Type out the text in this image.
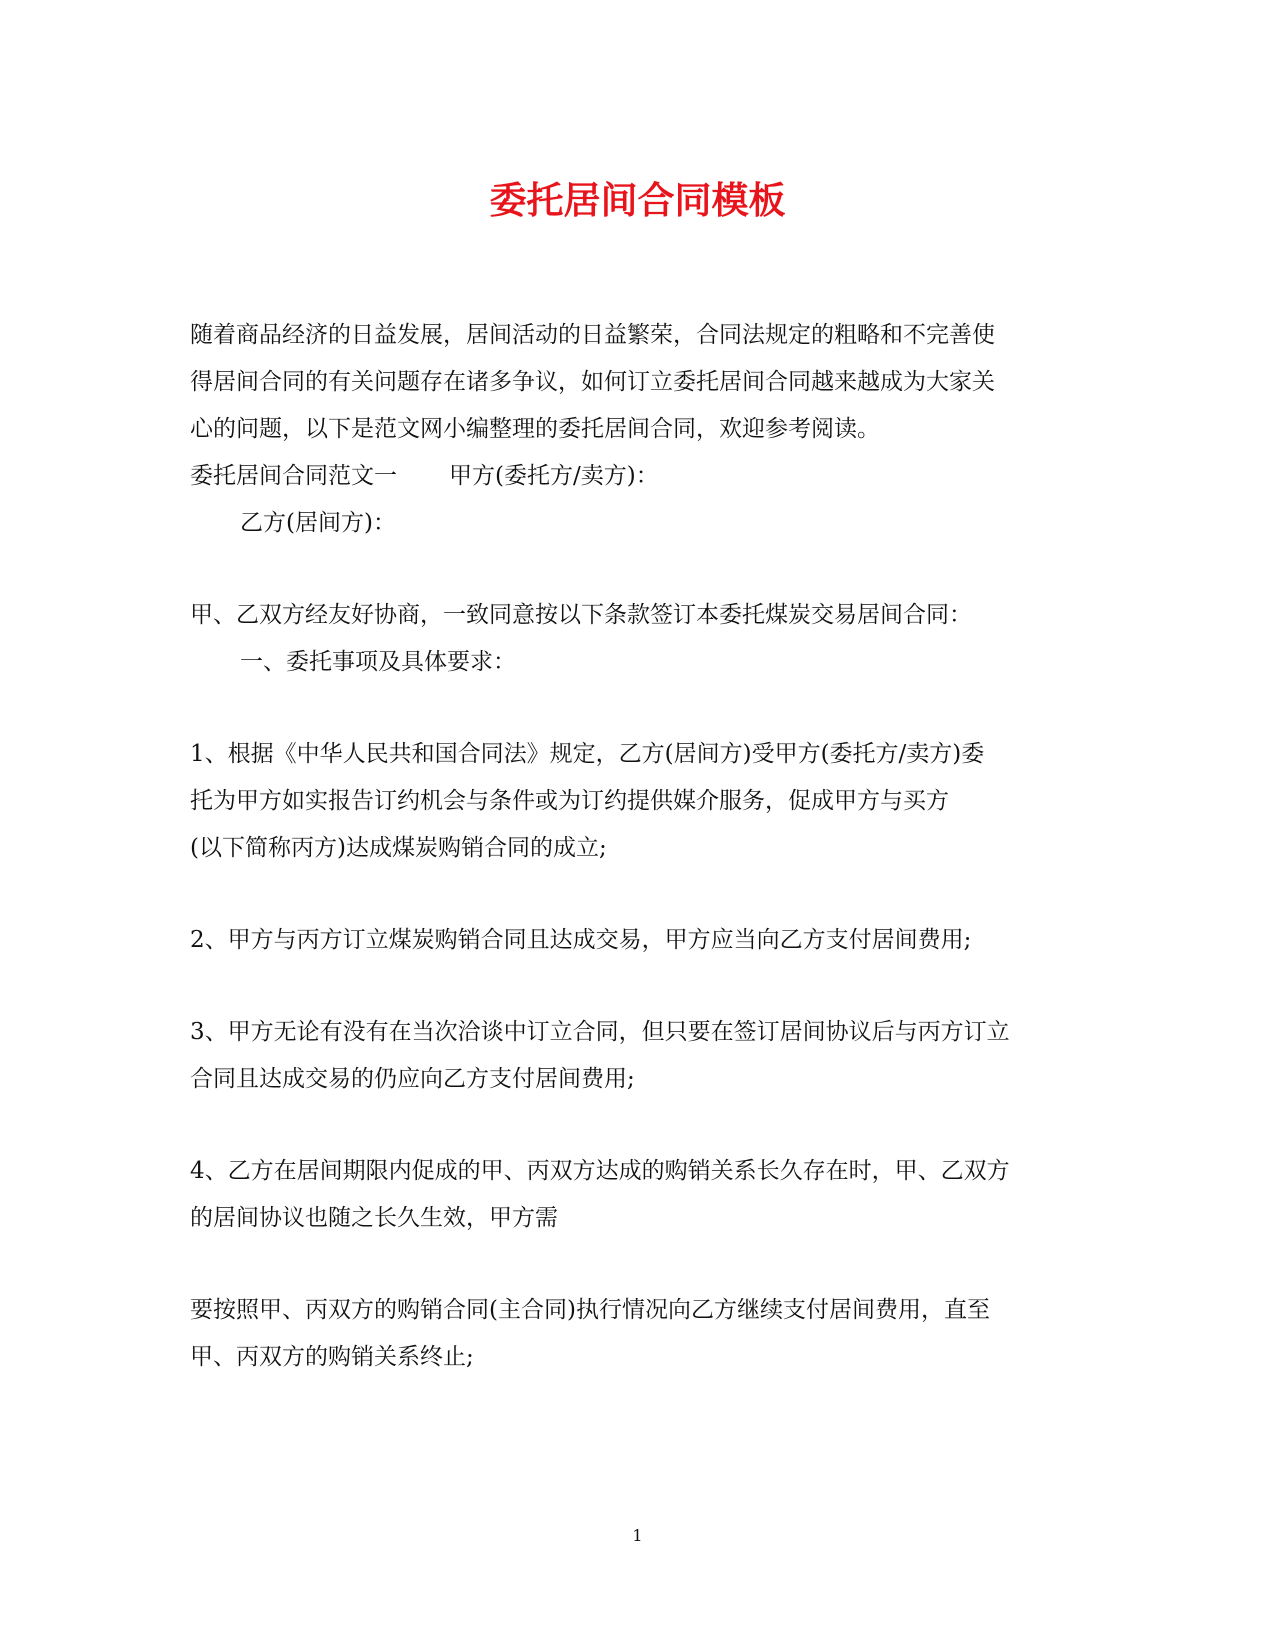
委托居间合同模板
随着商品经济的日益发展，居间活动的日益繁荣，合同法规定的粗略和不完善使
得居间合同的有关问题存在诸多争议，如何订立委托居间合同越来越成为大家关
心的问题，以下是范文网小编整理的委托居间合同，欢迎参考阅读。
委托居间合同范文一 甲方(委托方/卖方)：
乙方(居间方)：
甲、乙双方经友好协商，一致同意按以下条款签订本委托煤炭交易居间合同：
一、委托事项及具体要求：
1、根据《中华人民共和国合同法》规定，乙方(居间方)受甲方(委托方/卖方)委
托为甲方如实报告订约机会与条件或为订约提供媒介服务，促成甲方与买方
(以下简称丙方)达成煤炭购销合同的成立;
2、甲方与丙方订立煤炭购销合同且达成交易，甲方应当向乙方支付居间费用;
3、甲方无论有没有在当次洽谈中订立合同，但只要在签订居间协议后与丙方订立
合同且达成交易的仍应向乙方支付居间费用;
4、乙方在居间期限内促成的甲、丙双方达成的购销关系长久存在时，甲、乙双方
的居间协议也随之长久生效，甲方需
要按照甲、丙双方的购销合同(主合同)执行情况向乙方继续支付居间费用，直至
甲、丙双方的购销关系终止;
1
